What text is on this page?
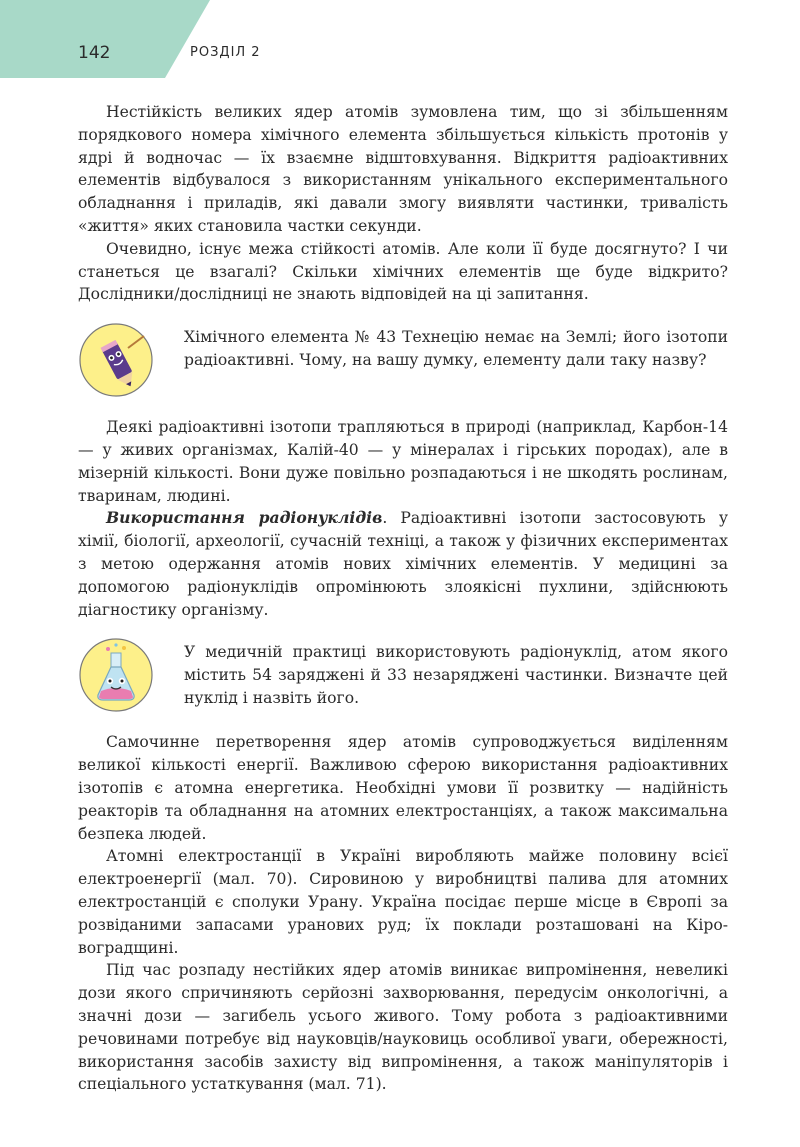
142	РОЗДІЛ 2

Нестійкість великих ядер атомів зумовлена тим, що зі збільшенням порядкового номера хімічного елемента збільшується кількість протонів у ядрі й водночас — їх взаємне відштовхування. Відкриття радіоактивних елементів відбувалося з використанням унікального експериментального обладнання і приладів, які давали змогу виявляти частинки, тривалість «життя» яких становила частки секунди.

Очевидно, існує межа стійкості атомів. Але коли її буде досягнуто? І чи станеться це взагалі? Скільки хімічних елементів ще буде відкрито? Дослідники/дослідниці не знають відповідей на ці запитання.

Хімічного елемента № 43 Технецію немає на Землі; його ізотопи радіоактивні. Чому, на вашу думку, елементу дали таку назву?

Деякі радіоактивні ізотопи трапляються в природі (наприклад, Карбон-14 — у живих організмах, Калій-40 — у мінералах і гірських породах), але в мізерній кількості. Вони дуже повільно розпадаються і не шкодять рослинам, тваринам, людині.

Використання радіонуклідів. Радіоактивні ізотопи застосовують у хімії, біології, археології, сучасній техніці, а також у фізичних експериментах з метою одержання атомів нових хімічних елементів. У медицині за допомогою радіонуклідів опромінюють злоякісні пухлини, здійснюють діагностику організму.

У медичній практиці використовують радіонуклід, атом якого містить 54 заряджені й 33 незаряджені частинки. Визначте цей нуклід і назвіть його.

Самочинне перетворення ядер атомів супроводжується виділенням великої кількості енергії. Важливою сферою використання радіоактивних ізотопів є атомна енергетика. Необхідні умови її розвитку — надійність реакторів та обладнання на атомних електростанціях, а також максимальна безпека людей.

Атомні електростанції в Україні виробляють майже половину всієї електроенергії (мал. 70). Сировиною у виробництві палива для атомних електростанцій є сполуки Урану. Україна посідає перше місце в Європі за розвіданими запасами уранових руд; їх поклади розташовані на Кіровоградщині.

Під час розпаду нестійких ядер атомів виникає випромінення, невеликі дози якого спричиняють серйозні захворювання, передусім онкологічні, а значні дози — загибель усього живого. Тому робота з радіоактивними речовинами потребує від науковців/науковиць особливої уваги, обережності, використання засобів захисту від випромінення, а також маніпуляторів і спеціального устаткування (мал. 71).
